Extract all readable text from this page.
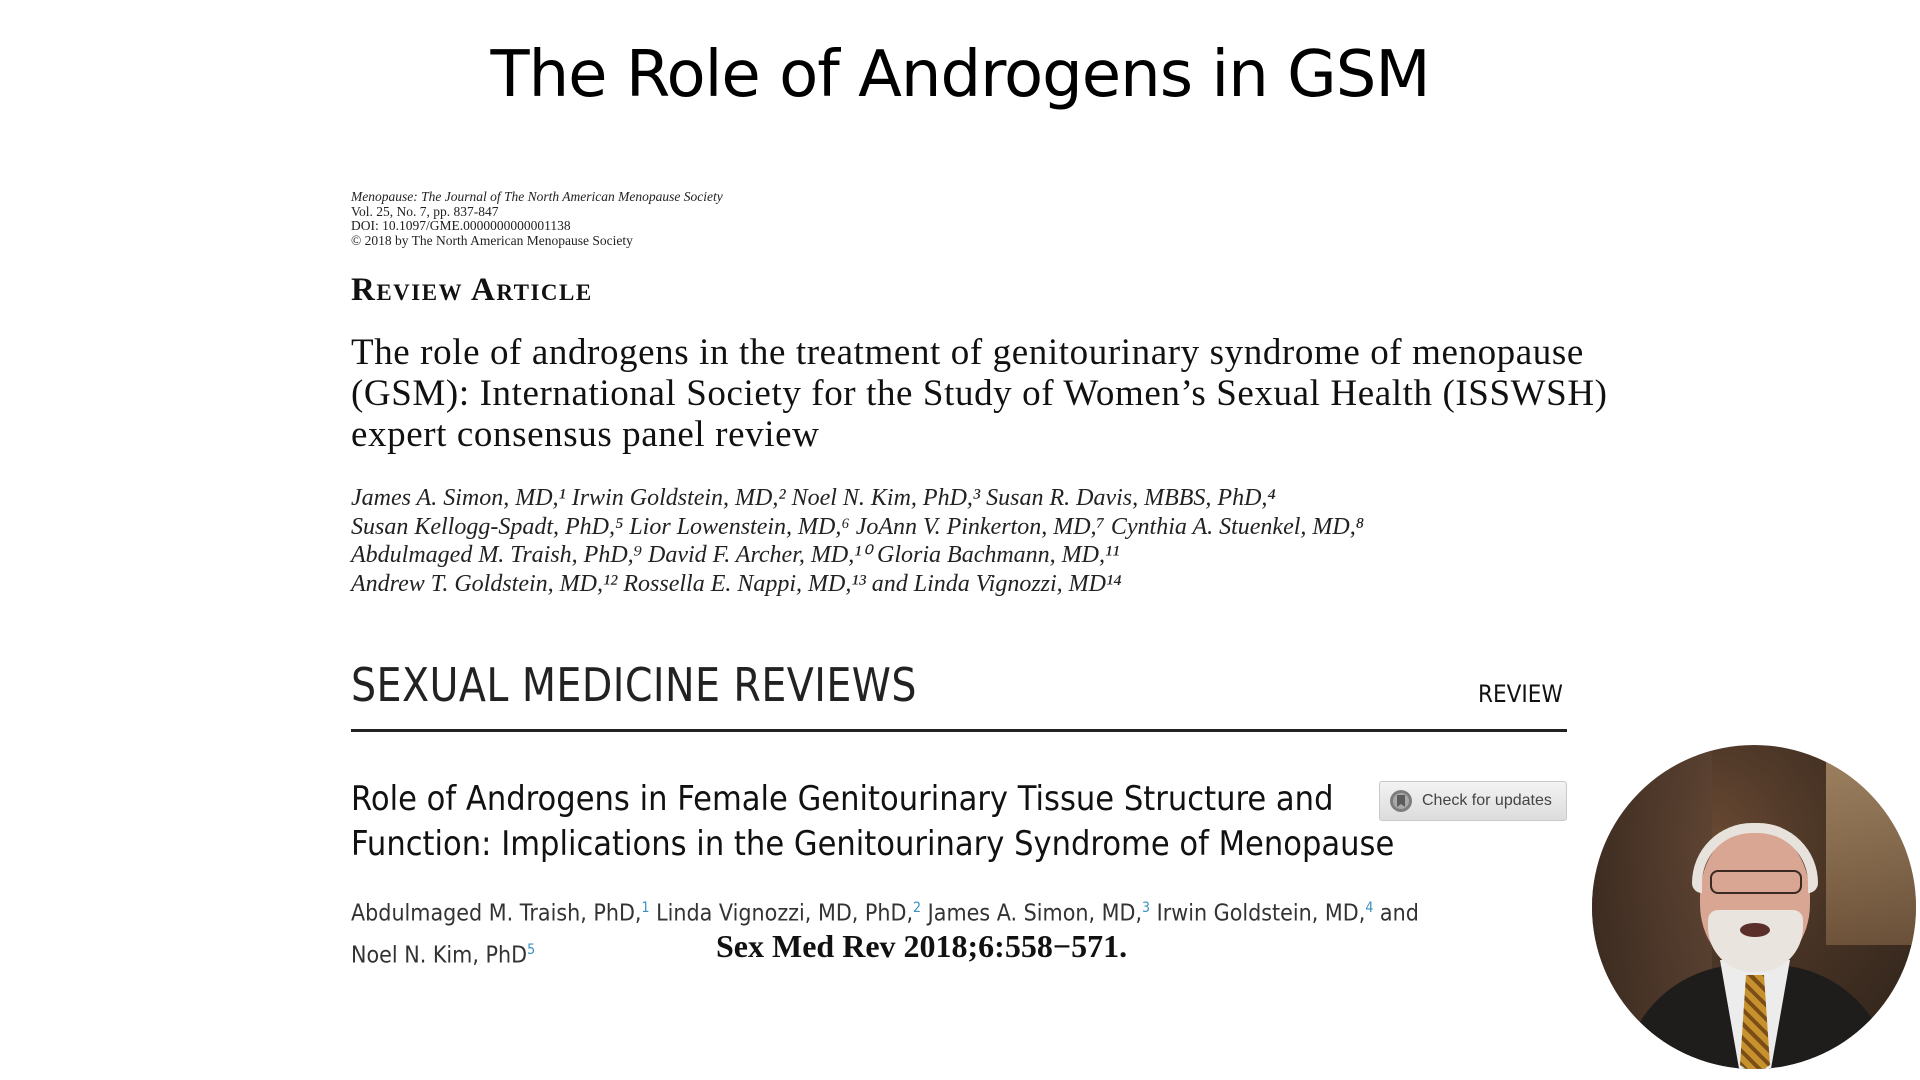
The Role of Androgens in GSM
Menopause: The Journal of The North American Menopause Society
Vol. 25, No. 7, pp. 837-847
DOI: 10.1097/GME.0000000000001138
© 2018 by The North American Menopause Society
Review Article
The role of androgens in the treatment of genitourinary syndrome of menopause (GSM): International Society for the Study of Women’s Sexual Health (ISSWSH) expert consensus panel review
James A. Simon, MD,¹ Irwin Goldstein, MD,² Noel N. Kim, PhD,³ Susan R. Davis, MBBS, PhD,⁴
Susan Kellogg-Spadt, PhD,⁵ Lior Lowenstein, MD,⁶ JoAnn V. Pinkerton, MD,⁷ Cynthia A. Stuenkel, MD,⁸
Abdulmaged M. Traish, PhD,⁹ David F. Archer, MD,¹⁰ Gloria Bachmann, MD,¹¹
Andrew T. Goldstein, MD,¹² Rossella E. Nappi, MD,¹³ and Linda Vignozzi, MD¹⁴
SEXUAL MEDICINE REVIEWS	REVIEW
Role of Androgens in Female Genitourinary Tissue Structure and
Function: Implications in the Genitourinary Syndrome of Menopause
Check for updates
Abdulmaged M. Traish, PhD,$^1$ Linda Vignozzi, MD, PhD,$^2$ James A. Simon, MD,$^3$ Irwin Goldstein, MD,$^4$ and Noel N. Kim, PhD$^5$	Sex Med Rev 2018;6:558−571.
